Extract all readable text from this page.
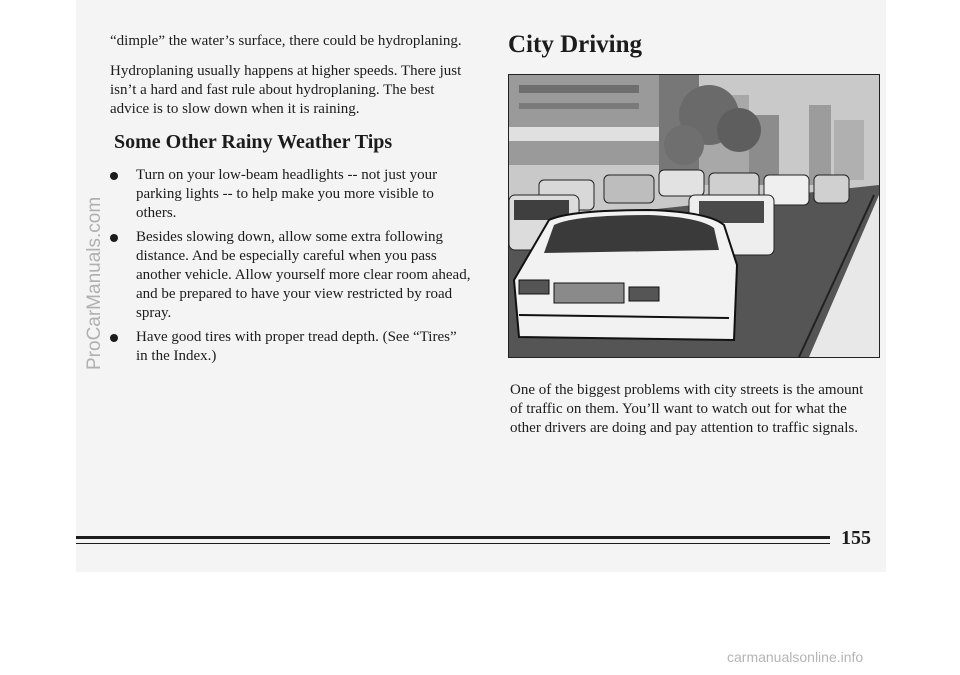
“dimple” the water’s surface, there could be hydroplaning.

Hydroplaning usually happens at higher speeds. There just isn’t a hard and fast rule about hydroplaning. The best advice is to slow down when it is raining.

Some Other Rainy Weather Tips
Turn on your low-beam headlights -- not just your parking lights -- to help make you more visible to others.
Besides slowing down, allow some extra following distance. And be especially careful when you pass another vehicle. Allow yourself more clear room ahead, and be prepared to have your view restricted by road spray.
Have good tires with proper tread depth. (See “Tires” in the Index.)
City Driving

One of the biggest problems with city streets is the amount of traffic on them. You’ll want to watch out for what the other drivers are doing and pay attention to traffic signals.

155
ProCarManuals.com
carmanualsonline.info
